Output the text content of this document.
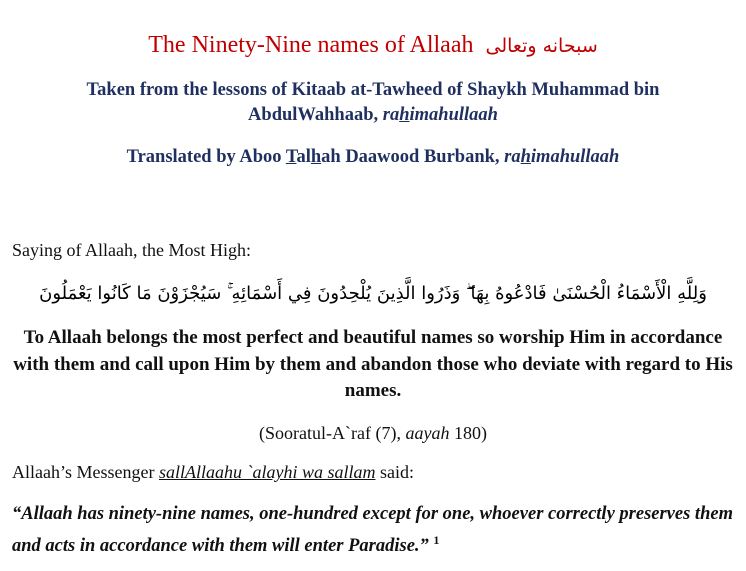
The Ninety-Nine names of Allaah سبحانه وتعالى
Taken from the lessons of Kitaab at-Tawheed of Shaykh Muhammad bin AbdulWahhaab, rahimahullaah
Translated by Aboo Talhah Daawood Burbank, rahimahullaah
Saying of Allaah, the Most High:
وَلِلَّهِ الْأَسْمَاءُ الْحُسْنَىٰ فَادْعُوهُ بِهَا ۖ وَذَرُوا الَّذِينَ يُلْحِدُونَ فِي أَسْمَائِهِ ۚ سَيُجْزَوْنَ مَا كَانُوا يَعْمَلُونَ
To Allaah belongs the most perfect and beautiful names so worship Him in accordance with them and call upon Him by them and abandon those who deviate with regard to His names.
(Sooratul-A`raf (7), aayah 180)
Allaah’s Messenger sallAllaahu `alayhi wa sallam said:
“Allaah has ninety-nine names, one-hundred except for one, whoever correctly preserves them and acts in accordance with them will enter Paradise.” $^1$
